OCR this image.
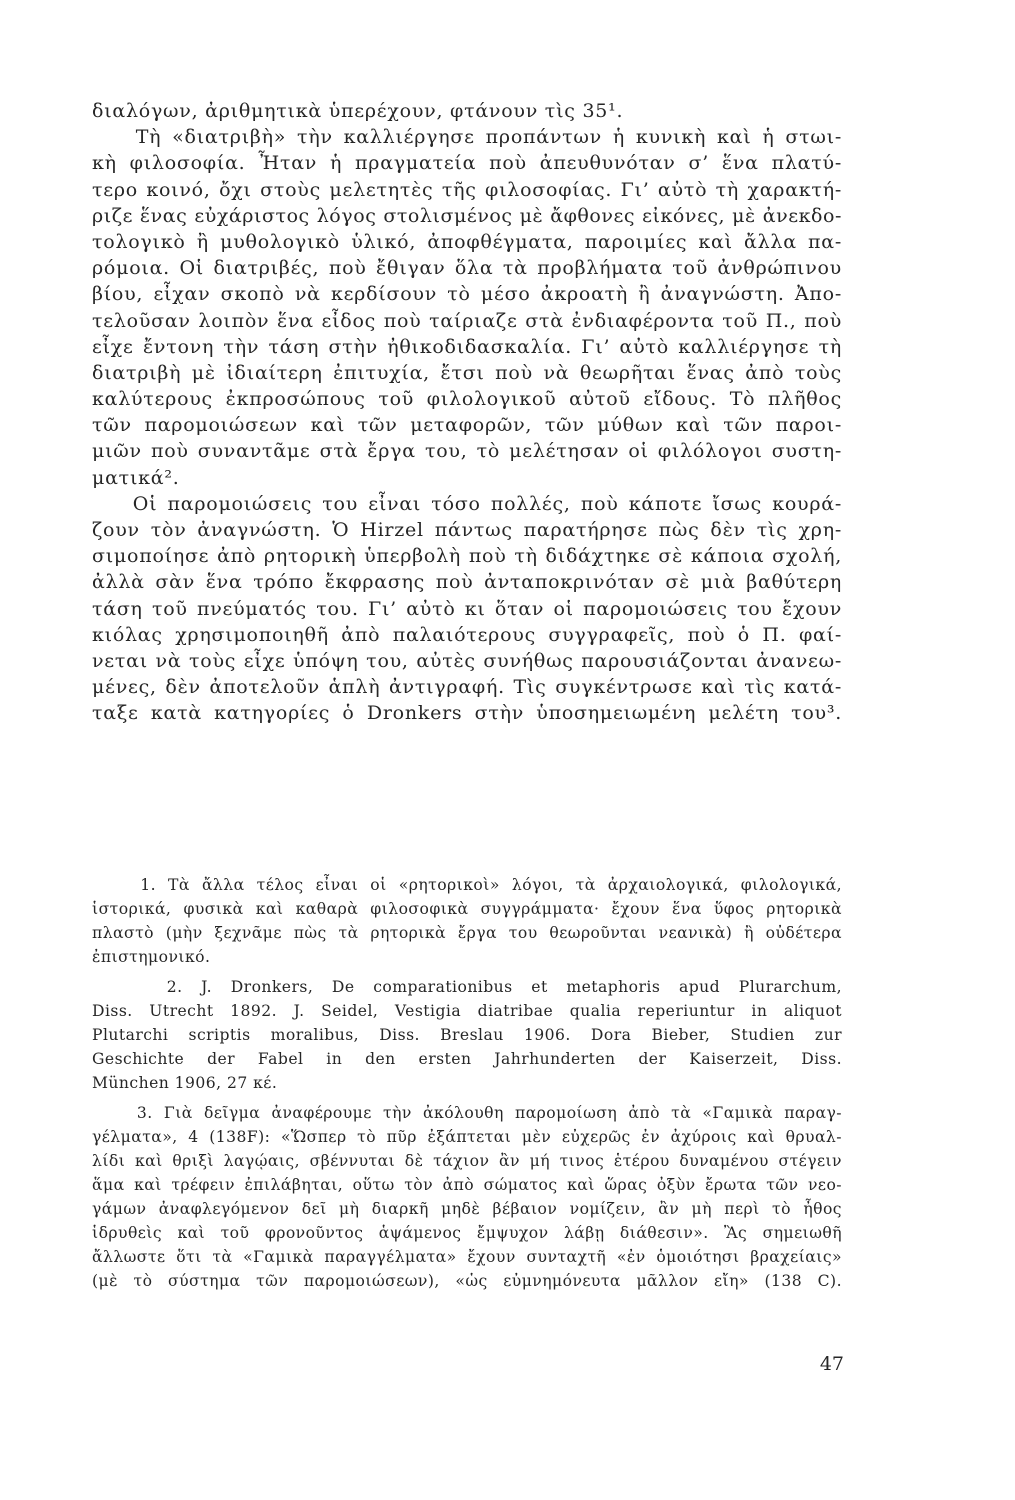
διαλόγων, ἀριθμητικὰ ὑπερέχουν, φτάνουν τὶς 35¹.
Τὴ «διατριβὴ» τὴν καλλιέργησε προπάντων ἡ κυνικὴ καὶ ἡ στωι-
κὴ φιλοσοφία. Ἦταν ἡ πραγματεία ποὺ ἀπευθυνόταν σ’ ἕνα πλατύ-
τερο κοινό, ὄχι στοὺς μελετητὲς τῆς φιλοσοφίας. Γι’ αὐτὸ τὴ χαρακτή-
ριζε ἕνας εὐχάριστος λόγος στολισμένος μὲ ἄφθονες εἰκόνες, μὲ ἀνεκδο-
τολογικὸ ἢ μυθολογικὸ ὑλικό, ἀποφθέγματα, παροιμίες καὶ ἄλλα πα-
ρόμοια. Οἱ διατριβές, ποὺ ἔθιγαν ὅλα τὰ προβλήματα τοῦ ἀνθρώπινου
βίου, εἶχαν σκοπὸ νὰ κερδίσουν τὸ μέσο ἀκροατὴ ἢ ἀναγνώστη. Ἀπο-
τελοῦσαν λοιπὸν ἕνα εἶδος ποὺ ταίριαζε στὰ ἐνδιαφέροντα τοῦ Π., ποὺ
εἶχε ἔντονη τὴν τάση στὴν ἠθικοδιδασκαλία. Γι’ αὐτὸ καλλιέργησε τὴ
διατριβὴ μὲ ἰδιαίτερη ἐπιτυχία, ἔτσι ποὺ νὰ θεωρῆται ἕνας ἀπὸ τοὺς
καλύτερους ἐκπροσώπους τοῦ φιλολογικοῦ αὐτοῦ εἴδους. Τὸ πλῆθος
τῶν παρομοιώσεων καὶ τῶν μεταφορῶν, τῶν μύθων καὶ τῶν παροι-
μιῶν ποὺ συναντᾶμε στὰ ἔργα του, τὸ μελέτησαν οἱ φιλόλογοι συστη-
ματικά².
Οἱ παρομοιώσεις του εἶναι τόσο πολλές, ποὺ κάποτε ἴσως κουρά-
ζουν τὸν ἀναγνώστη. Ὁ Hirzel πάντως παρατήρησε πὼς δὲν τὶς χρη-
σιμοποίησε ἀπὸ ρητορικὴ ὑπερβολὴ ποὺ τὴ διδάχτηκε σὲ κάποια σχολή,
ἀλλὰ σὰν ἕνα τρόπο ἔκφρασης ποὺ ἀνταποκρινόταν σὲ μιὰ βαθύτερη
τάση τοῦ πνεύματός του. Γι’ αὐτὸ κι ὅταν οἱ παρομοιώσεις του ἔχουν
κιόλας χρησιμοποιηθῆ ἀπὸ παλαιότερους συγγραφεῖς, ποὺ ὁ Π. φαί-
νεται νὰ τοὺς εἶχε ὑπόψη του, αὐτὲς συνήθως παρουσιάζονται ἀνανεω-
μένες, δὲν ἀποτελοῦν ἁπλὴ ἀντιγραφή. Τὶς συγκέντρωσε καὶ τὶς κατά-
ταξε κατὰ κατηγορίες ὁ Dronkers στὴν ὑποσημειωμένη μελέτη του³.
1. Τὰ ἄλλα τέλος εἶναι οἱ «ρητορικοὶ» λόγοι, τὰ ἀρχαιολογικά, φιλολογικά,
ἱστορικά, φυσικὰ καὶ καθαρὰ φιλοσοφικὰ συγγράμματα· ἔχουν ἕνα ὕφος ρητορικὰ
πλαστὸ (μὴν ξεχνᾶμε πὼς τὰ ρητορικὰ ἔργα του θεωροῦνται νεανικὰ) ἢ οὐδέτερα
ἐπιστημονικό.
2. J. Dronkers, De comparationibus et metaphoris apud Plurarchum,
Diss. Utrecht 1892. J. Seidel, Vestigia diatribae qualia reperiuntur in aliquot
Plutarchi scriptis moralibus, Diss. Breslau 1906. Dora Bieber, Studien zur
Geschichte der Fabel in den ersten Jahrhunderten der Kaiserzeit, Diss.
München 1906, 27 κέ.
3. Γιὰ δεῖγμα ἀναφέρουμε τὴν ἀκόλουθη παρομοίωση ἀπὸ τὰ «Γαμικὰ παραγ-
γέλματα», 4 (138F): «Ὥσπερ τὸ πῦρ ἐξάπτεται μὲν εὐχερῶς ἐν ἀχύροις καὶ θρυαλ-
λίδι καὶ θριξὶ λαγῴαις, σβέννυται δὲ τάχιον ἂν μή τινος ἑτέρου δυναμένου στέγειν
ἅμα καὶ τρέφειν ἐπιλάβηται, οὕτω τὸν ἀπὸ σώματος καὶ ὥρας ὀξὺν ἔρωτα τῶν νεο-
γάμων ἀναφλεγόμενον δεῖ μὴ διαρκῆ μηδὲ βέβαιον νομίζειν, ἂν μὴ περὶ τὸ ἦθος
ἱδρυθεὶς καὶ τοῦ φρονοῦντος ἁψάμενος ἔμψυχον λάβῃ διάθεσιν». Ἂς σημειωθῆ
ἄλλωστε ὅτι τὰ «Γαμικὰ παραγγέλματα» ἔχουν συνταχτῆ «ἐν ὁμοιότησι βραχείαις»
(μὲ τὸ σύστημα τῶν παρομοιώσεων), «ὡς εὐμνημόνευτα μᾶλλον εἴη» (138 C).
47
